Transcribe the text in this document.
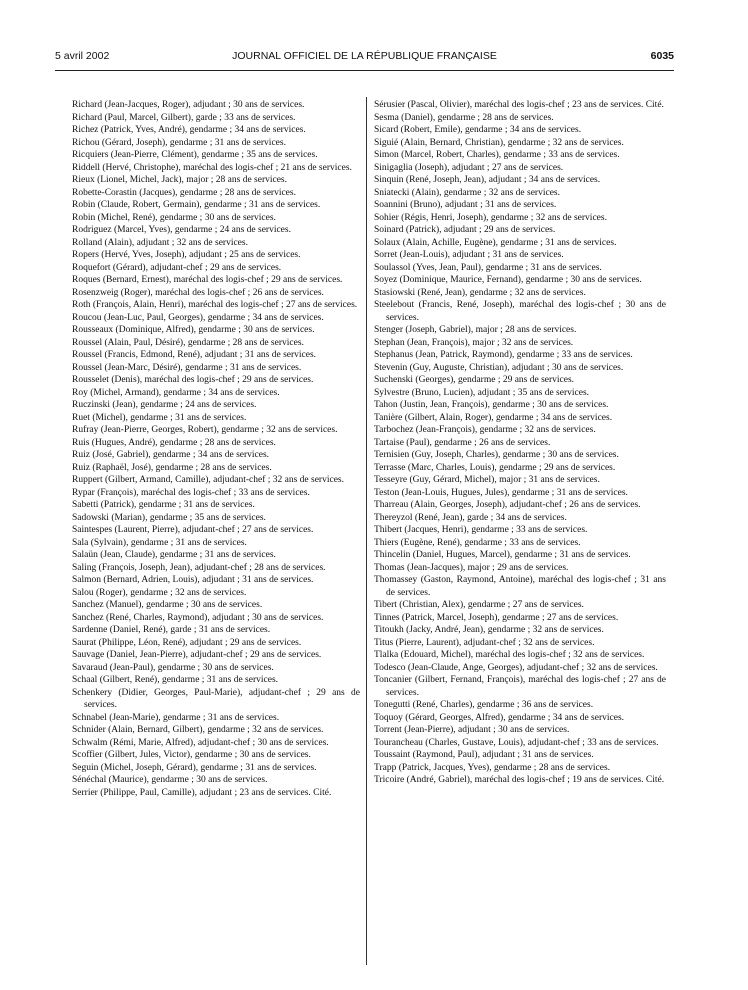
5 avril 2002	JOURNAL OFFICIEL DE LA RÉPUBLIQUE FRANÇAISE	6035

Richard (Jean-Jacques, Roger), adjudant ; 30 ans de services.

Richard (Paul, Marcel, Gilbert), garde ; 33 ans de services.

Richez (Patrick, Yves, André), gendarme ; 34 ans de services.

Richou (Gérard, Joseph), gendarme ; 31 ans de services.

Ricquiers (Jean-Pierre, Clément), gendarme ; 35 ans de services.

Riddell (Hervé, Christophe), maréchal des logis-chef ; 21 ans de services.

Rieux (Lionel, Michel, Jack), major ; 28 ans de services.

Robette-Corastin (Jacques), gendarme ; 28 ans de services.

Robin (Claude, Robert, Germain), gendarme ; 31 ans de services.

Robin (Michel, René), gendarme ; 30 ans de services.

Rodriguez (Marcel, Yves), gendarme ; 24 ans de services.

Rolland (Alain), adjudant ; 32 ans de services.

Ropers (Hervé, Yves, Joseph), adjudant ; 25 ans de services.

Roquefort (Gérard), adjudant-chef ; 29 ans de services.

Roques (Bernard, Ernest), maréchal des logis-chef ; 29 ans de services.

Rosenzweig (Roger), maréchal des logis-chef ; 26 ans de services.

Roth (François, Alain, Henri), maréchal des logis-chef ; 27 ans de services.

Roucou (Jean-Luc, Paul, Georges), gendarme ; 34 ans de services.

Rousseaux (Dominique, Alfred), gendarme ; 30 ans de services.

Roussel (Alain, Paul, Désiré), gendarme ; 28 ans de services.

Roussel (Francis, Edmond, René), adjudant ; 31 ans de services.

Roussel (Jean-Marc, Désiré), gendarme ; 31 ans de services.

Rousselet (Denis), maréchal des logis-chef ; 29 ans de services.

Roy (Michel, Armand), gendarme ; 34 ans de services.

Ruczinski (Jean), gendarme ; 24 ans de services.

Ruet (Michel), gendarme ; 31 ans de services.

Rufray (Jean-Pierre, Georges, Robert), gendarme ; 32 ans de services.

Ruis (Hugues, André), gendarme ; 28 ans de services.

Ruiz (José, Gabriel), gendarme ; 34 ans de services.

Ruiz (Raphaël, José), gendarme ; 28 ans de services.

Ruppert (Gilbert, Armand, Camille), adjudant-chef ; 32 ans de services.

Rypar (François), maréchal des logis-chef ; 33 ans de services.

Sabetti (Patrick), gendarme ; 31 ans de services.

Sadowski (Marian), gendarme ; 35 ans de services.

Saintespes (Laurent, Pierre), adjudant-chef ; 27 ans de services.

Sala (Sylvain), gendarme ; 31 ans de services.

Salaün (Jean, Claude), gendarme ; 31 ans de services.

Saling (François, Joseph, Jean), adjudant-chef ; 28 ans de services.

Salmon (Bernard, Adrien, Louis), adjudant ; 31 ans de services.

Salou (Roger), gendarme ; 32 ans de services.

Sanchez (Manuel), gendarme ; 30 ans de services.

Sanchez (René, Charles, Raymond), adjudant ; 30 ans de services.

Sardenne (Daniel, René), garde ; 31 ans de services.

Saurat (Philippe, Léon, René), adjudant ; 29 ans de services.

Sauvage (Daniel, Jean-Pierre), adjudant-chef ; 29 ans de services.

Savaraud (Jean-Paul), gendarme ; 30 ans de services.

Schaal (Gilbert, René), gendarme ; 31 ans de services.

Schenkery (Didier, Georges, Paul-Marie), adjudant-chef ; 29 ans de services.

Schnabel (Jean-Marie), gendarme ; 31 ans de services.

Schnider (Alain, Bernard, Gilbert), gendarme ; 32 ans de services.

Schwalm (Rémi, Marie, Alfred), adjudant-chef ; 30 ans de services.

Scoffier (Gilbert, Jules, Victor), gendarme ; 30 ans de services.

Seguin (Michel, Joseph, Gérard), gendarme ; 31 ans de services.

Sénéchal (Maurice), gendarme ; 30 ans de services.

Serrier (Philippe, Paul, Camille), adjudant ; 23 ans de services. Cité.

Sérusier (Pascal, Olivier), maréchal des logis-chef ; 23 ans de services. Cité.

Sesma (Daniel), gendarme ; 28 ans de services.

Sicard (Robert, Emile), gendarme ; 34 ans de services.

Siguié (Alain, Bernard, Christian), gendarme ; 32 ans de services.

Simon (Marcel, Robert, Charles), gendarme ; 33 ans de services.

Sinigaglia (Joseph), adjudant ; 27 ans de services.

Sinquin (René, Joseph, Jean), adjudant ; 34 ans de services.

Sniatecki (Alain), gendarme ; 32 ans de services.

Soannini (Bruno), adjudant ; 31 ans de services.

Sohier (Régis, Henri, Joseph), gendarme ; 32 ans de services.

Soinard (Patrick), adjudant ; 29 ans de services.

Solaux (Alain, Achille, Eugène), gendarme ; 31 ans de services.

Sorret (Jean-Louis), adjudant ; 31 ans de services.

Soulassol (Yves, Jean, Paul), gendarme ; 31 ans de services.

Soyez (Dominique, Maurice, Fernand), gendarme ; 30 ans de services.

Stasiowski (René, Jean), gendarme ; 32 ans de services.

Steelebout (Francis, René, Joseph), maréchal des logis-chef ; 30 ans de services.

Stenger (Joseph, Gabriel), major ; 28 ans de services.

Stephan (Jean, François), major ; 32 ans de services.

Stephanus (Jean, Patrick, Raymond), gendarme ; 33 ans de services.

Stevenin (Guy, Auguste, Christian), adjudant ; 30 ans de services.

Suchenski (Georges), gendarme ; 29 ans de services.

Sylvestre (Bruno, Lucien), adjudant ; 35 ans de services.

Tahon (Justin, Jean, François), gendarme ; 30 ans de services.

Tanière (Gilbert, Alain, Roger), gendarme ; 34 ans de services.

Tarbochez (Jean-François), gendarme ; 32 ans de services.

Tartaise (Paul), gendarme ; 26 ans de services.

Ternisien (Guy, Joseph, Charles), gendarme ; 30 ans de services.

Terrasse (Marc, Charles, Louis), gendarme ; 29 ans de services.

Tesseyre (Guy, Gérard, Michel), major ; 31 ans de services.

Teston (Jean-Louis, Hugues, Jules), gendarme ; 31 ans de services.

Tharreau (Alain, Georges, Joseph), adjudant-chef ; 26 ans de services.

Thereyzol (René, Jean), garde ; 34 ans de services.

Thibert (Jacques, Henri), gendarme ; 33 ans de services.

Thiers (Eugène, René), gendarme ; 33 ans de services.

Thincelin (Daniel, Hugues, Marcel), gendarme ; 31 ans de services.

Thomas (Jean-Jacques), major ; 29 ans de services.

Thomassey (Gaston, Raymond, Antoine), maréchal des logis-chef ; 31 ans de services.

Tibert (Christian, Alex), gendarme ; 27 ans de services.

Tinnes (Patrick, Marcel, Joseph), gendarme ; 27 ans de services.

Titoukh (Jacky, André, Jean), gendarme ; 32 ans de services.

Titus (Pierre, Laurent), adjudant-chef ; 32 ans de services.

Tlalka (Edouard, Michel), maréchal des logis-chef ; 32 ans de services.

Todesco (Jean-Claude, Ange, Georges), adjudant-chef ; 32 ans de services.

Toncanier (Gilbert, Fernand, François), maréchal des logis-chef ; 27 ans de services.

Tonegutti (René, Charles), gendarme ; 36 ans de services.

Toquoy (Gérard, Georges, Alfred), gendarme ; 34 ans de services.

Torrent (Jean-Pierre), adjudant ; 30 ans de services.

Tourancheau (Charles, Gustave, Louis), adjudant-chef ; 33 ans de services.

Toussaint (Raymond, Paul), adjudant ; 31 ans de services.

Trapp (Patrick, Jacques, Yves), gendarme ; 28 ans de services.

Tricoire (André, Gabriel), maréchal des logis-chef ; 19 ans de services. Cité.
